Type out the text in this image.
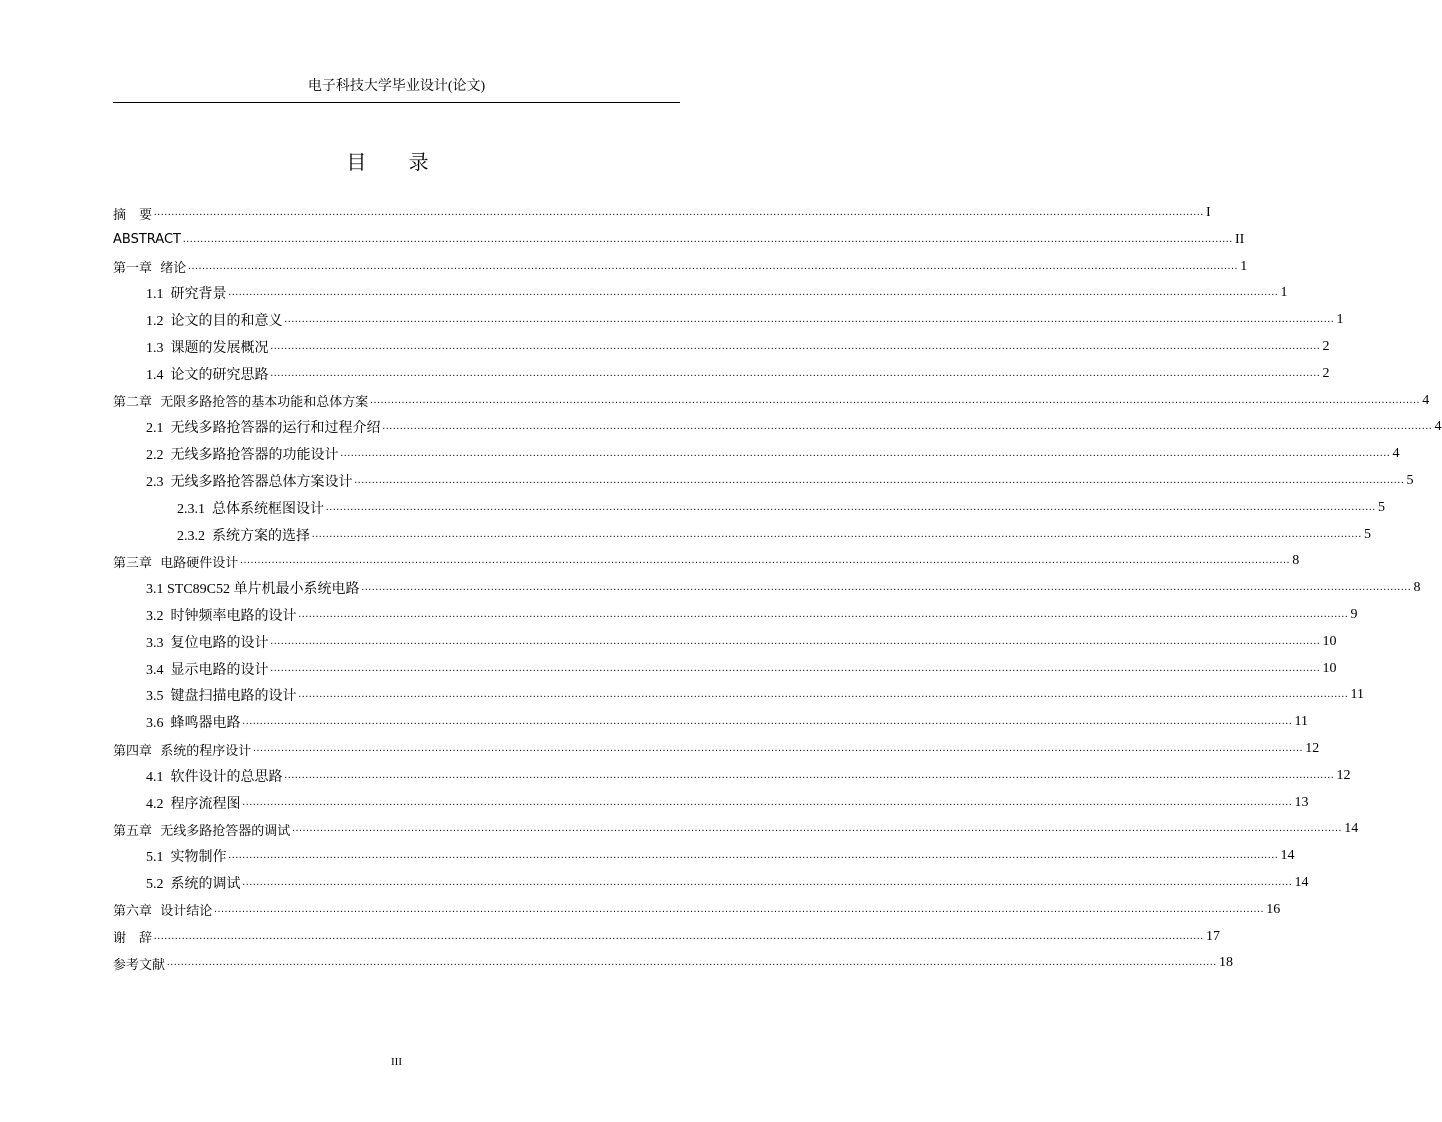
电子科技大学毕业设计(论文)
目 录
摘　要 ............................................................................................................................................................................................................................................................................................................ I
ABSTRACT ............................................................................................................................................................................................................................................................................................................ II
第一章  绪论 ............................................................................................................................................................................................................................................................................................................ 1
1.1  研究背景 ............................................................................................................................................................................................................................................................................................................ 1
1.2  论文的目的和意义 ............................................................................................................................................................................................................................................................................................................ 1
1.3  课题的发展概况 ............................................................................................................................................................................................................................................................................................................ 2
1.4  论文的研究思路 ............................................................................................................................................................................................................................................................................................................ 2
第二章  无限多路抢答的基本功能和总体方案 ............................................................................................................................................................................................................................................................................................................ 4
2.1  无线多路抢答器的运行和过程介绍 ............................................................................................................................................................................................................................................................................................................ 4
2.2  无线多路抢答器的功能设计 ............................................................................................................................................................................................................................................................................................................ 4
2.3  无线多路抢答器总体方案设计 ............................................................................................................................................................................................................................................................................................................ 5
2.3.1  总体系统框图设计 ............................................................................................................................................................................................................................................................................................................ 5
2.3.2  系统方案的选择 ............................................................................................................................................................................................................................................................................................................ 5
第三章  电路硬件设计 ............................................................................................................................................................................................................................................................................................................ 8
3.1 STC89C52 单片机最小系统电路 ............................................................................................................................................................................................................................................................................................................ 8
3.2  时钟频率电路的设计 ............................................................................................................................................................................................................................................................................................................ 9
3.3  复位电路的设计 ............................................................................................................................................................................................................................................................................................................ 10
3.4  显示电路的设计 ............................................................................................................................................................................................................................................................................................................ 10
3.5  键盘扫描电路的设计 ............................................................................................................................................................................................................................................................................................................ 11
3.6  蜂鸣器电路 ............................................................................................................................................................................................................................................................................................................ 11
第四章  系统的程序设计 ............................................................................................................................................................................................................................................................................................................ 12
4.1  软件设计的总思路 ............................................................................................................................................................................................................................................................................................................ 12
4.2  程序流程图 ............................................................................................................................................................................................................................................................................................................ 13
第五章  无线多路抢答器的调试 ............................................................................................................................................................................................................................................................................................................ 14
5.1  实物制作 ............................................................................................................................................................................................................................................................................................................ 14
5.2  系统的调试 ............................................................................................................................................................................................................................................................................................................ 14
第六章  设计结论 ............................................................................................................................................................................................................................................................................................................ 16
谢　辞 ............................................................................................................................................................................................................................................................................................................ 17
参考文献 ............................................................................................................................................................................................................................................................................................................ 18
III
